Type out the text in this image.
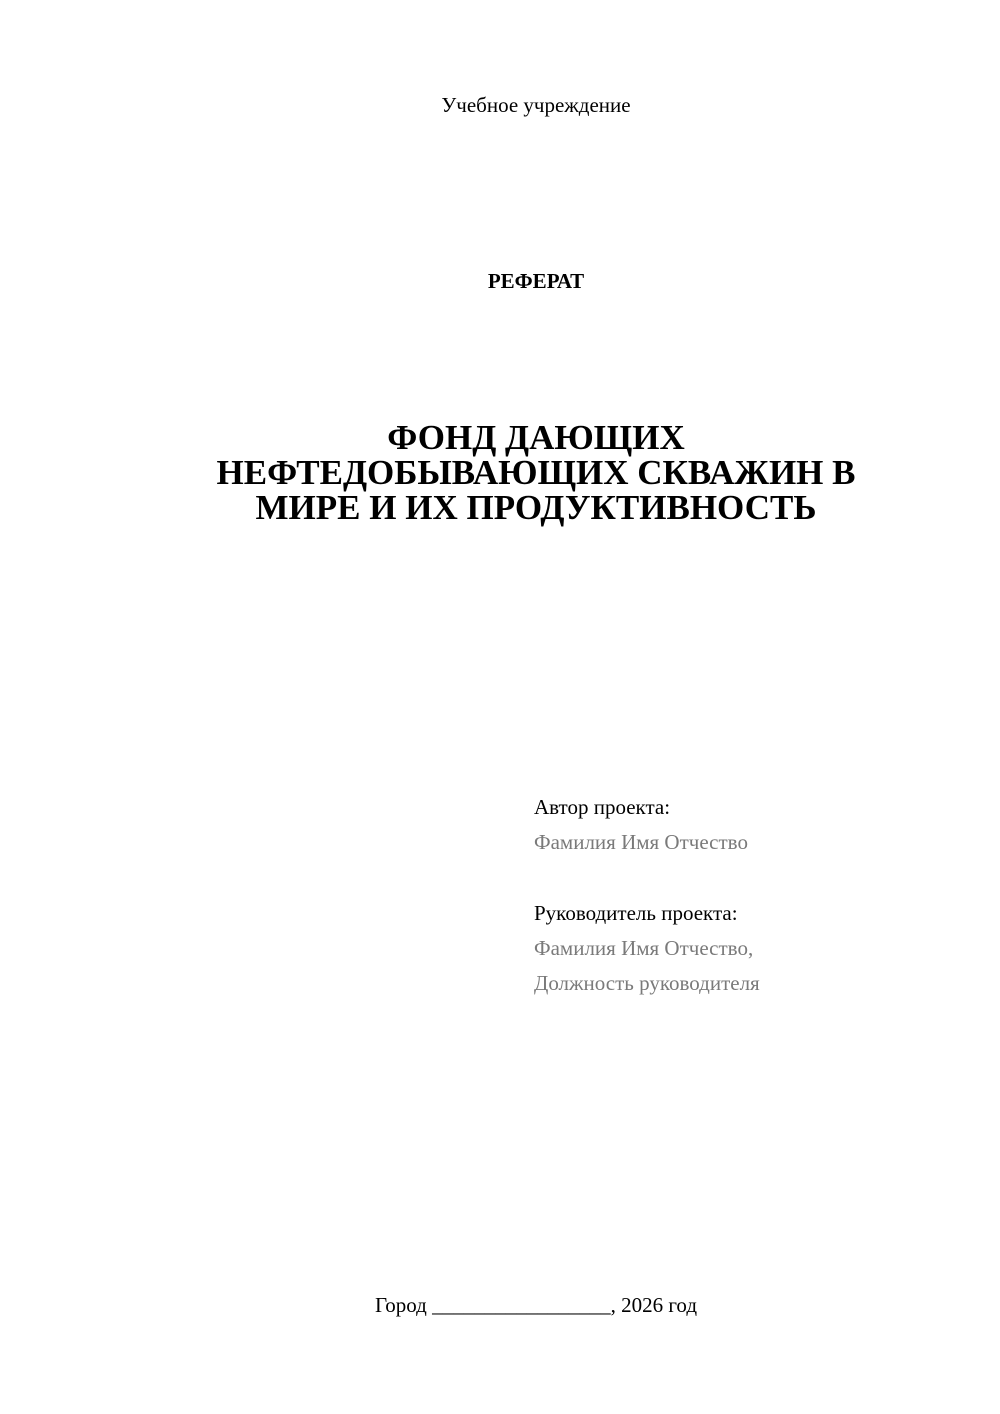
Учебное учреждение
РЕФЕРАТ
ФОНД ДАЮЩИХ
НЕФТЕДОБЫВАЮЩИХ СКВАЖИН В
МИРЕ И ИХ ПРОДУКТИВНОСТЬ
Автор проекта:
Фамилия Имя Отчество
Руководитель проекта:
Фамилия Имя Отчество,
Должность руководителя
Город _________________, 2026 год
